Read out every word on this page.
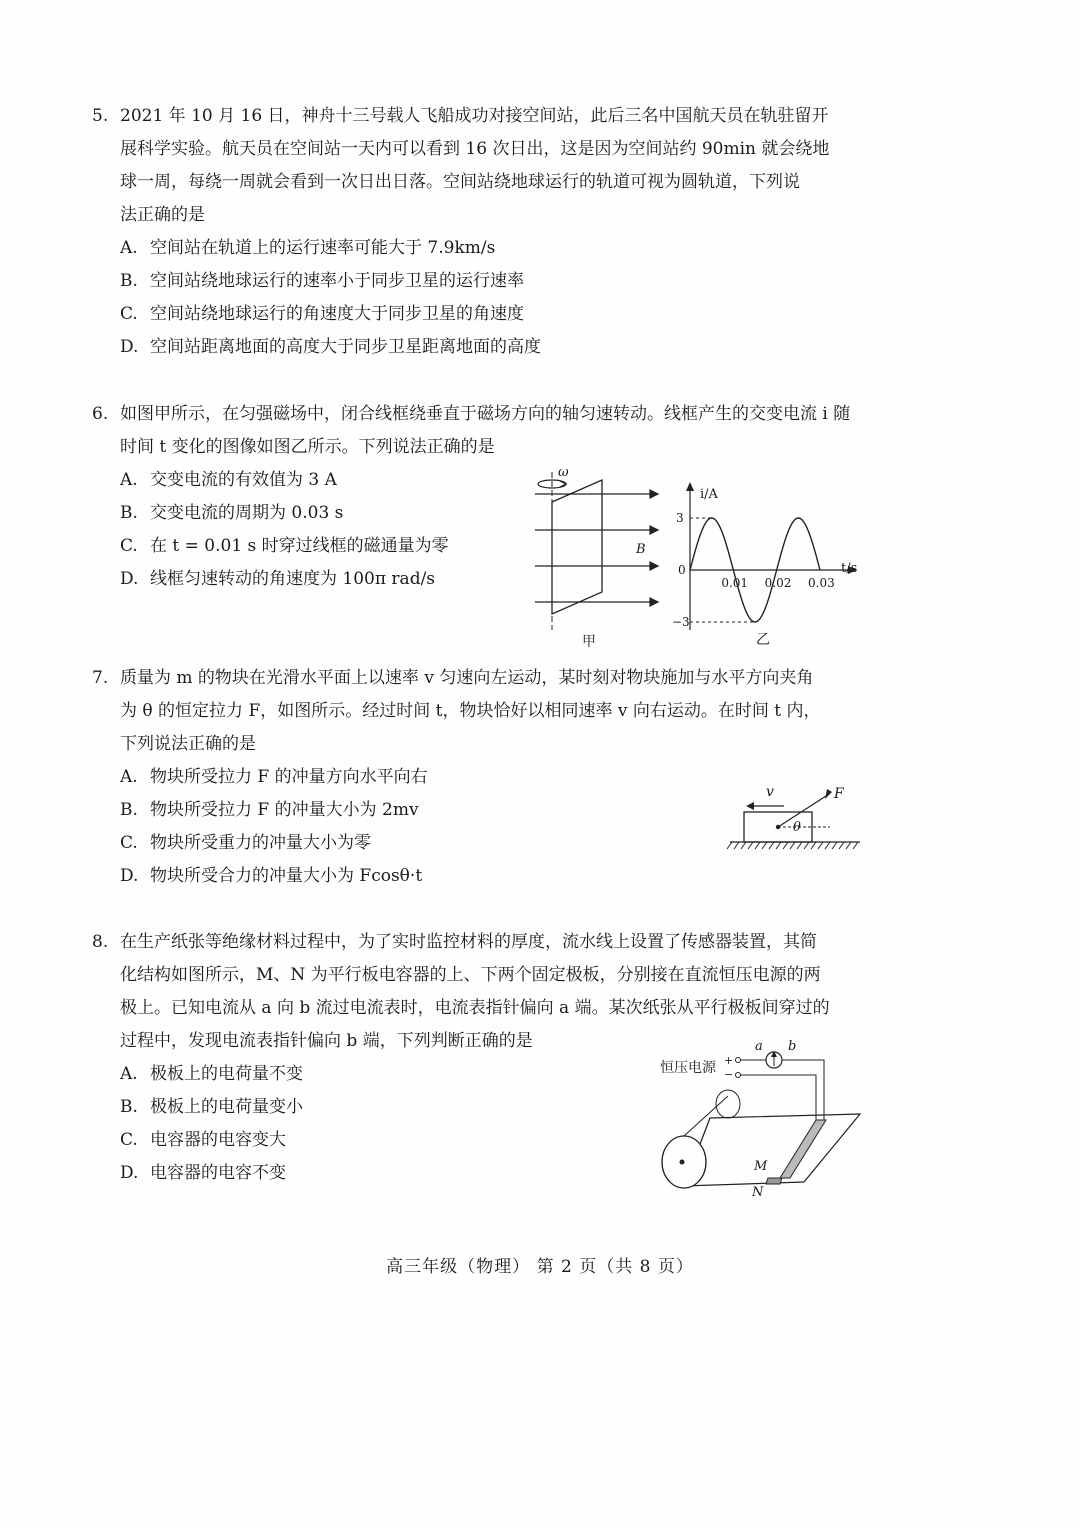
5. 2021 年 10 月 16 日，神舟十三号载人飞船成功对接空间站，此后三名中国航天员在轨驻留开
展科学实验。航天员在空间站一天内可以看到 16 次日出，这是因为空间站约 90min 就会绕地
球一周，每绕一周就会看到一次日出日落。空间站绕地球运行的轨道可视为圆轨道，下列说
法正确的是
A. 空间站在轨道上的运行速率可能大于 7.9km/s
B. 空间站绕地球运行的速率小于同步卫星的运行速率
C. 空间站绕地球运行的角速度大于同步卫星的角速度
D. 空间站距离地面的高度大于同步卫星距离地面的高度
6. 如图甲所示，在匀强磁场中，闭合线框绕垂直于磁场方向的轴匀速转动。线框产生的交变电流 i 随
时间 t 变化的图像如图乙所示。下列说法正确的是
A. 交变电流的有效值为 3 A
B. 交变电流的周期为 0.03 s
C. 在 t = 0.01 s 时穿过线框的磁通量为零
D. 线框匀速转动的角速度为 100π rad/s
ω
B
甲
i/A
t/s
0.01 0.02 0.03
3
0
−3
乙
7. 质量为 m 的物块在光滑水平面上以速率 v 匀速向左运动，某时刻对物块施加与水平方向夹角
为 θ 的恒定拉力 F，如图所示。经过时间 t，物块恰好以相同速率 v 向右运动。在时间 t 内，
下列说法正确的是
A. 物块所受拉力 F 的冲量方向水平向右
B. 物块所受拉力 F 的冲量大小为 2mv
C. 物块所受重力的冲量大小为零
D. 物块所受合力的冲量大小为 Fcosθ·t
v	F
θ
8. 在生产纸张等绝缘材料过程中，为了实时监控材料的厚度，流水线上设置了传感器装置，其简
化结构如图所示，M、N 为平行板电容器的上、下两个固定极板，分别接在直流恒压电源的两
极上。已知电流从 a 向 b 流过电流表时，电流表指针偏向 a 端。某次纸张从平行极板间穿过的
过程中，发现电流表指针偏向 b 端，下列判断正确的是
A. 极板上的电荷量不变
B. 极板上的电荷量变小
C. 电容器的电容变大
D. 电容器的电容不变
恒压电源 +
−
a b
M
N
高三年级（物理） 第 2 页（共 8 页）
